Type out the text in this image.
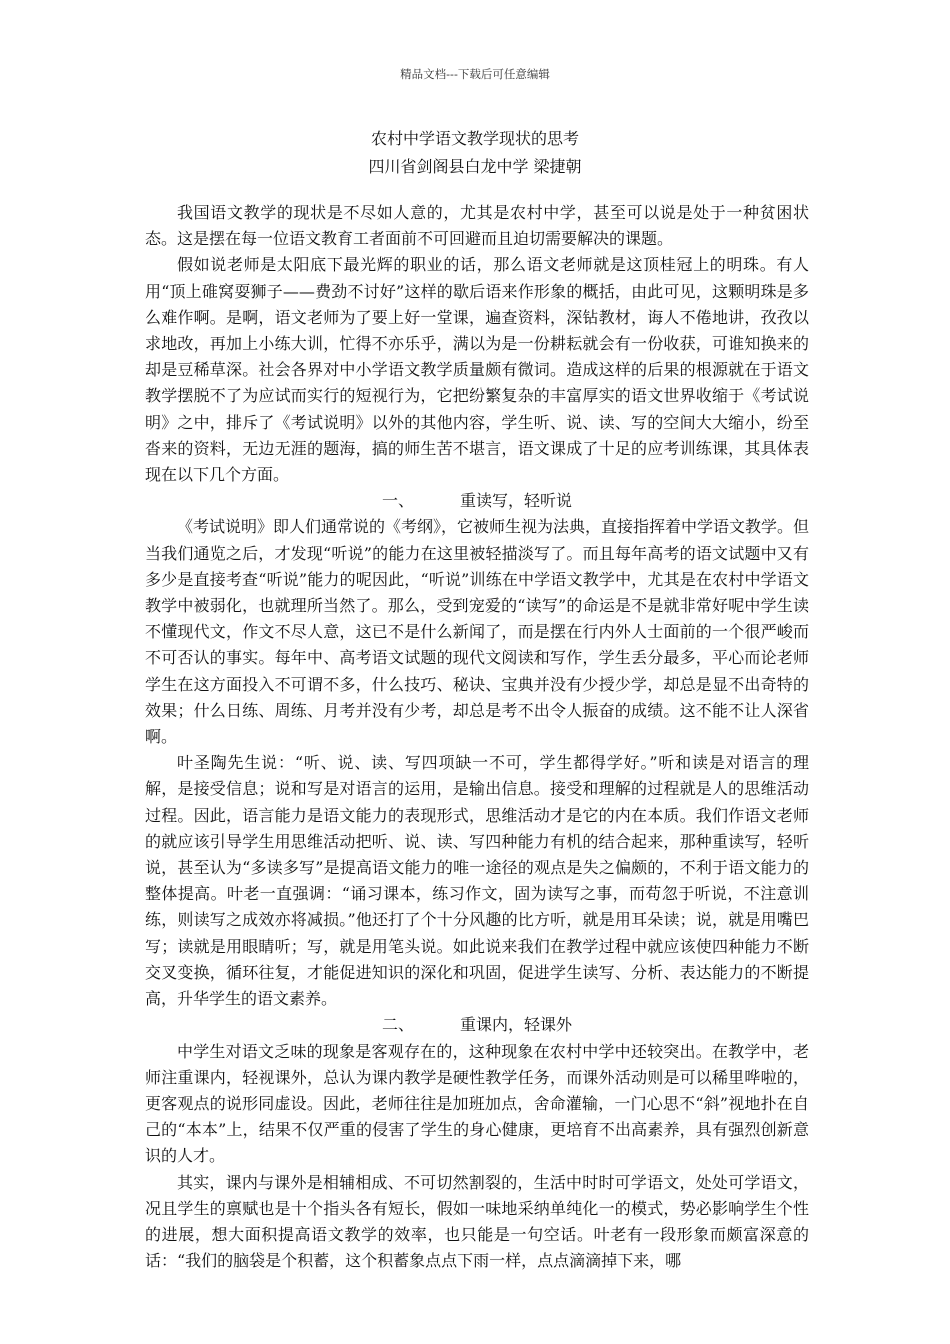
精品文档---下载后可任意编辑
农村中学语文教学现状的思考
四川省剑阁县白龙中学 梁捷朝

我国语文教学的现状是不尽如人意的，尤其是农村中学，甚至可以说是处于一种贫困状态。这是摆在每一位语文教育工者面前不可回避而且迫切需要解决的课题。

假如说老师是太阳底下最光辉的职业的话，那么语文老师就是这顶桂冠上的明珠。有人用“顶上碓窝耍狮子——费劲不讨好”这样的歇后语来作形象的概括，由此可见，这颗明珠是多么难作啊。是啊，语文老师为了要上好一堂课，遍查资料，深钻教材，诲人不倦地讲，孜孜以求地改，再加上小练大训，忙得不亦乐乎，满以为是一份耕耘就会有一份收获，可谁知换来的却是豆稀草深。社会各界对中小学语文教学质量颇有微词。造成这样的后果的根源就在于语文教学摆脱不了为应试而实行的短视行为，它把纷繁复杂的丰富厚实的语文世界收缩于《考试说明》之中，排斥了《考试说明》以外的其他内容，学生听、说、读、写的空间大大缩小，纷至沓来的资料，无边无涯的题海，搞的师生苦不堪言，语文课成了十足的应考训练课，其具体表现在以下几个方面。

一、	重读写，轻听说

《考试说明》即人们通常说的《考纲》，它被师生视为法典，直接指挥着中学语文教学。但当我们通览之后，才发现“听说”的能力在这里被轻描淡写了。而且每年高考的语文试题中又有多少是直接考查“听说”能力的呢因此，“听说”训练在中学语文教学中，尤其是在农村中学语文教学中被弱化，也就理所当然了。那么，受到宠爱的“读写”的命运是不是就非常好呢中学生读不懂现代文，作文不尽人意，这已不是什么新闻了，而是摆在行内外人士面前的一个很严峻而不可否认的事实。每年中、高考语文试题的现代文阅读和写作，学生丢分最多，平心而论老师学生在这方面投入不可谓不多，什么技巧、秘诀、宝典并没有少授少学，却总是显不出奇特的效果；什么日练、周练、月考并没有少考，却总是考不出令人振奋的成绩。这不能不让人深省啊。

叶圣陶先生说：“听、说、读、写四项缺一不可，学生都得学好。”听和读是对语言的理解，是接受信息；说和写是对语言的运用，是输出信息。接受和理解的过程就是人的思维活动过程。因此，语言能力是语文能力的表现形式，思维活动才是它的内在本质。我们作语文老师的就应该引导学生用思维活动把听、说、读、写四种能力有机的结合起来，那种重读写，轻听说，甚至认为“多读多写”是提高语文能力的唯一途径的观点是失之偏颇的，不利于语文能力的整体提高。叶老一直强调：“诵习课本，练习作文，固为读写之事，而苟忽于听说，不注意训练，则读写之成效亦将减损。”他还打了个十分风趣的比方听，就是用耳朵读；说，就是用嘴巴写；读就是用眼睛听；写，就是用笔头说。如此说来我们在教学过程中就应该使四种能力不断交叉变换，循环往复，才能促进知识的深化和巩固，促进学生读写、分析、表达能力的不断提高，升华学生的语文素养。

二、	重课内，轻课外

中学生对语文乏味的现象是客观存在的，这种现象在农村中学中还较突出。在教学中，老师注重课内，轻视课外，总认为课内教学是硬性教学任务，而课外活动则是可以稀里哗啦的，更客观点的说形同虚设。因此，老师往往是加班加点，舍命灌输，一门心思不“斜”视地扑在自己的“本本”上，结果不仅严重的侵害了学生的身心健康，更培育不出高素养，具有强烈创新意识的人才。

其实，课内与课外是相辅相成、不可切然割裂的，生活中时时可学语文，处处可学语文，况且学生的禀赋也是十个指头各有短长，假如一味地采纳单纯化一的模式，势必影响学生个性的进展，想大面积提高语文教学的效率，也只能是一句空话。叶老有一段形象而颇富深意的话：“我们的脑袋是个积蓄，这个积蓄象点点下雨一样，点点滴滴掉下来，哪
